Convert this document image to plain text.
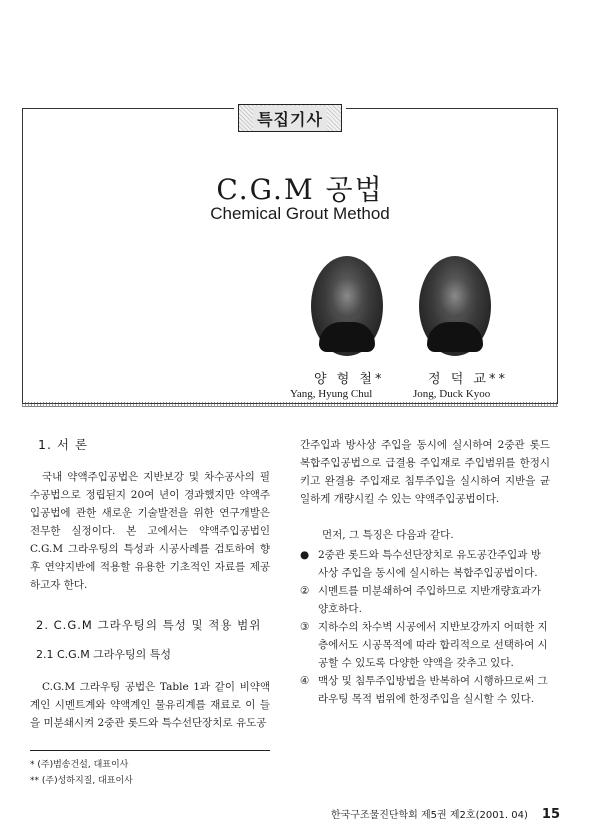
특집기사
C.G.M 공법
Chemical Grout Method
양 형 철*	정 덕 교**
Yang, Hyung Chul	Jong, Duck Kyoo
1. 서 론

국내 약액주입공법은 지반보강 및 차수공사의 필수공법으로 정립된지 20여 년이 경과했지만 약액주입공법에 관한 새로운 기술발전을 위한 연구개발은 전무한 실정이다. 본 고에서는 약액주입공법인 C.G.M 그라우팅의 특성과 시공사례를 검토하여 향후 연약지반에 적용할 유용한 기초적인 자료를 제공하고자 한다.

2. C.G.M 그라우팅의 특성 및 적용 범위
2.1 C.G.M 그라우팅의 특성

C.G.M 그라우팅 공법은 Table 1과 같이 비약액계인 시멘트계와 약액계인 물유리계를 재료로 이 들을 미분쇄시켜 2중관 롯드와 특수선단장치로 유도공

* (주)범송건설, 대표이사
** (주)성하지질, 대표이사

간주입과 방사상 주입을 동시에 실시하여 2중관 롯드 복합주입공법으로 급결용 주입재로 주입범위를 한정시키고 완결용 주입재로 침투주입을 실시하여 지반을 균일하게 개량시킬 수 있는 약액주입공법이다.

먼저, 그 특징은 다음과 같다.

● 2중관 롯드와 특수선단장치로 유도공간주입과 방사상 주입을 동시에 실시하는 복합주입공법이다.
② 시멘트를 미분쇄하여 주입하므로 지반개량효과가 양호하다.
③ 지하수의 차수벽 시공에서 지반보강까지 어떠한 지층에서도 시공목적에 따라 합리적으로 선택하여 시공할 수 있도록 다양한 약액을 갖추고 있다.
④ 맥상 및 침투주입방법을 반복하여 시행하므로써 그라우팅 목적 범위에 한정주입을 실시할 수 있다.
한국구조물진단학회 제5권 제2호(2001. 04) 15
